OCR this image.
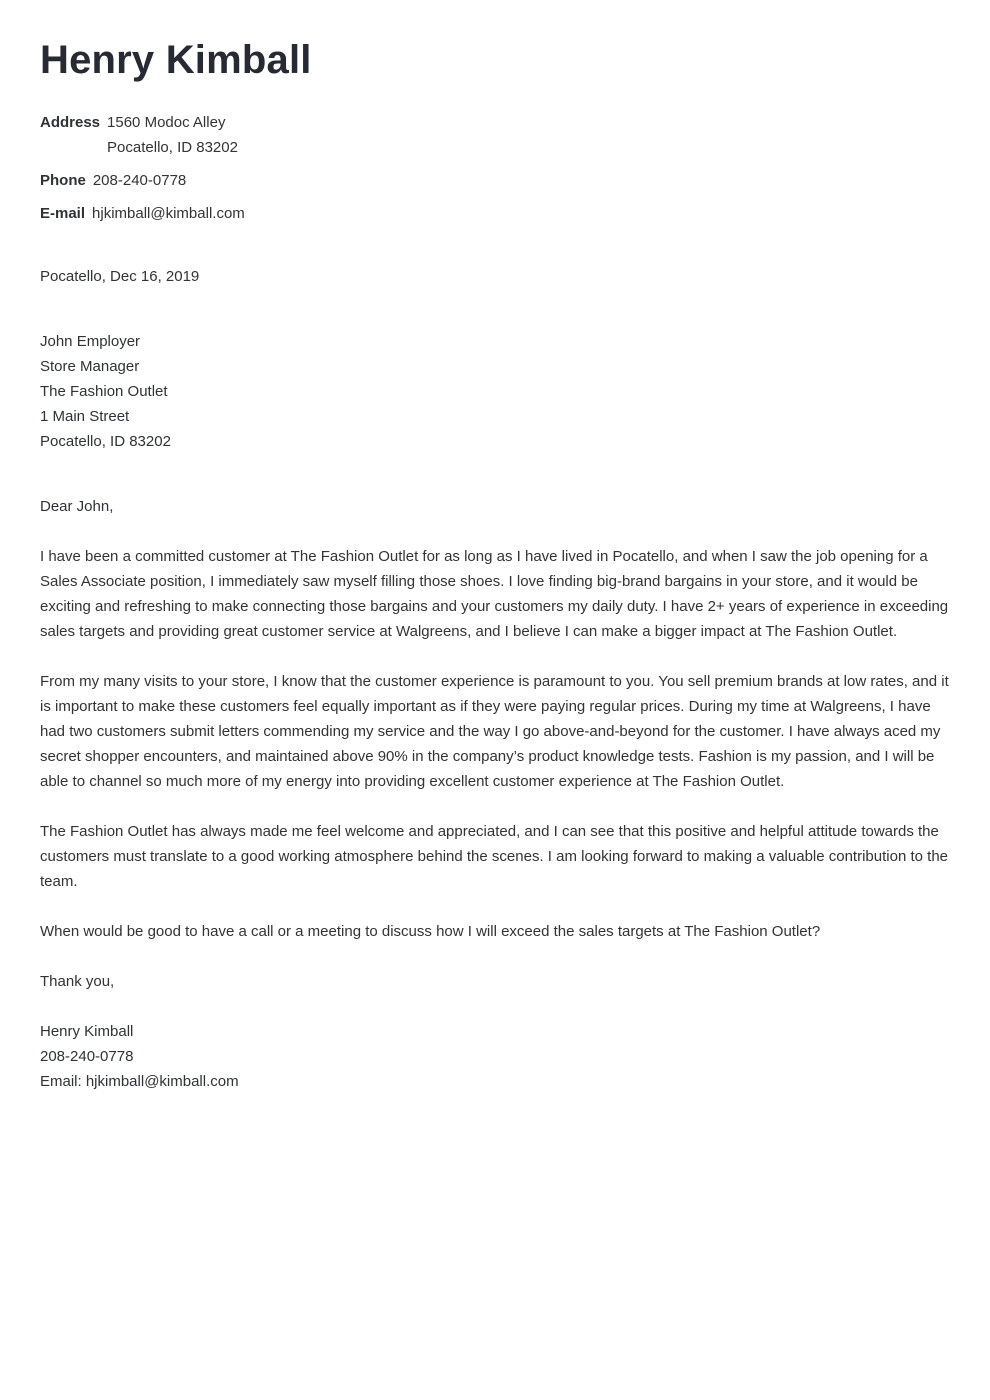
Henry Kimball
Address 1560 Modoc Alley
Pocatello, ID 83202
Phone 208-240-0778
E-mail hjkimball@kimball.com
Pocatello, Dec 16, 2019
John Employer
Store Manager
The Fashion Outlet
1 Main Street
Pocatello, ID 83202
Dear John,
I have been a committed customer at The Fashion Outlet for as long as I have lived in Pocatello, and when I saw the job opening for a Sales Associate position, I immediately saw myself filling those shoes. I love finding big-brand bargains in your store, and it would be exciting and refreshing to make connecting those bargains and your customers my daily duty. I have 2+ years of experience in exceeding sales targets and providing great customer service at Walgreens, and I believe I can make a bigger impact at The Fashion Outlet.
From my many visits to your store, I know that the customer experience is paramount to you. You sell premium brands at low rates, and it is important to make these customers feel equally important as if they were paying regular prices. During my time at Walgreens, I have had two customers submit letters commending my service and the way I go above-and-beyond for the customer. I have always aced my secret shopper encounters, and maintained above 90% in the company’s product knowledge tests. Fashion is my passion, and I will be able to channel so much more of my energy into providing excellent customer experience at The Fashion Outlet.
The Fashion Outlet has always made me feel welcome and appreciated, and I can see that this positive and helpful attitude towards the customers must translate to a good working atmosphere behind the scenes. I am looking forward to making a valuable contribution to the team.
When would be good to have a call or a meeting to discuss how I will exceed the sales targets at The Fashion Outlet?
Thank you,
Henry Kimball
208-240-0778
Email: hjkimball@kimball.com
